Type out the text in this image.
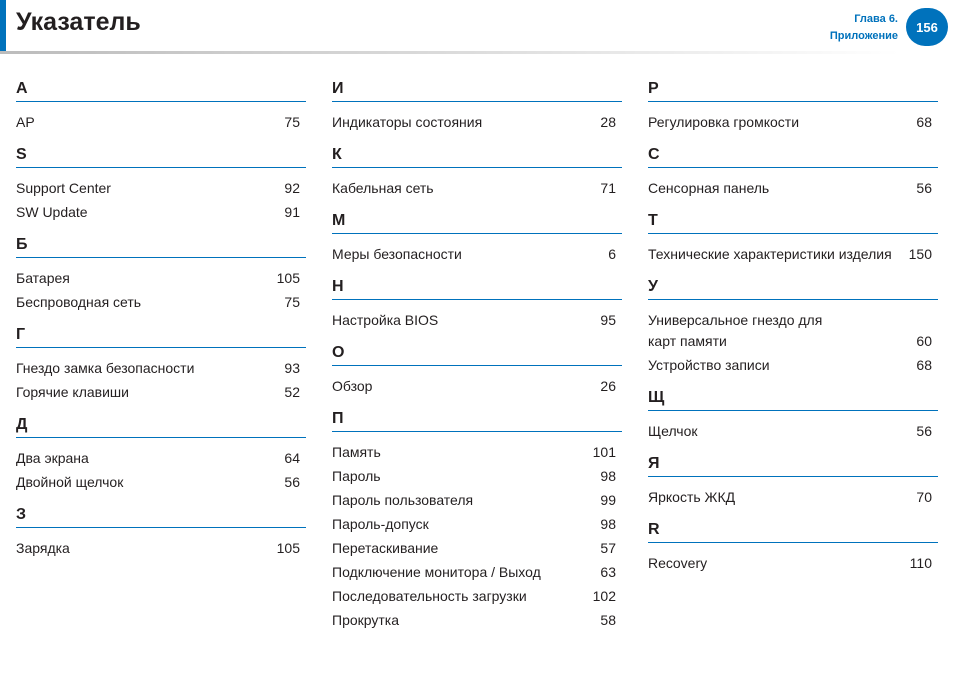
Указатель	Глава 6.
Приложение
156
A
AP	75
S
Support Center	92
SW Update	91
Б
Батарея	105
Беспроводная сеть	75
Г
Гнездо замка безопасности	93
Горячие клавиши	52
Д
Два экрана	64
Двойной щелчок	56
З
Зарядка	105
И
Индикаторы состояния	28
К
Кабельная сеть	71
М
Меры безопасности	6
Н
Настройка BIOS	95
О
Обзор	26
П
Память	101
Пароль	98
Пароль пользователя	99
Пароль-допуск	98
Перетаскивание	57
Подключение монитора / Выход	63
Последовательность загрузки	102
Прокрутка	58
Р
Регулировка громкости	68
С
Сенсорная панель	56
Т
Технические характеристики изделия 150
У
Универсальное гнездо для
карт памяти	60
Устройство записи	68
Щ
Щелчок	56
Я
Яркость ЖКД	70
R
Recovery	110
